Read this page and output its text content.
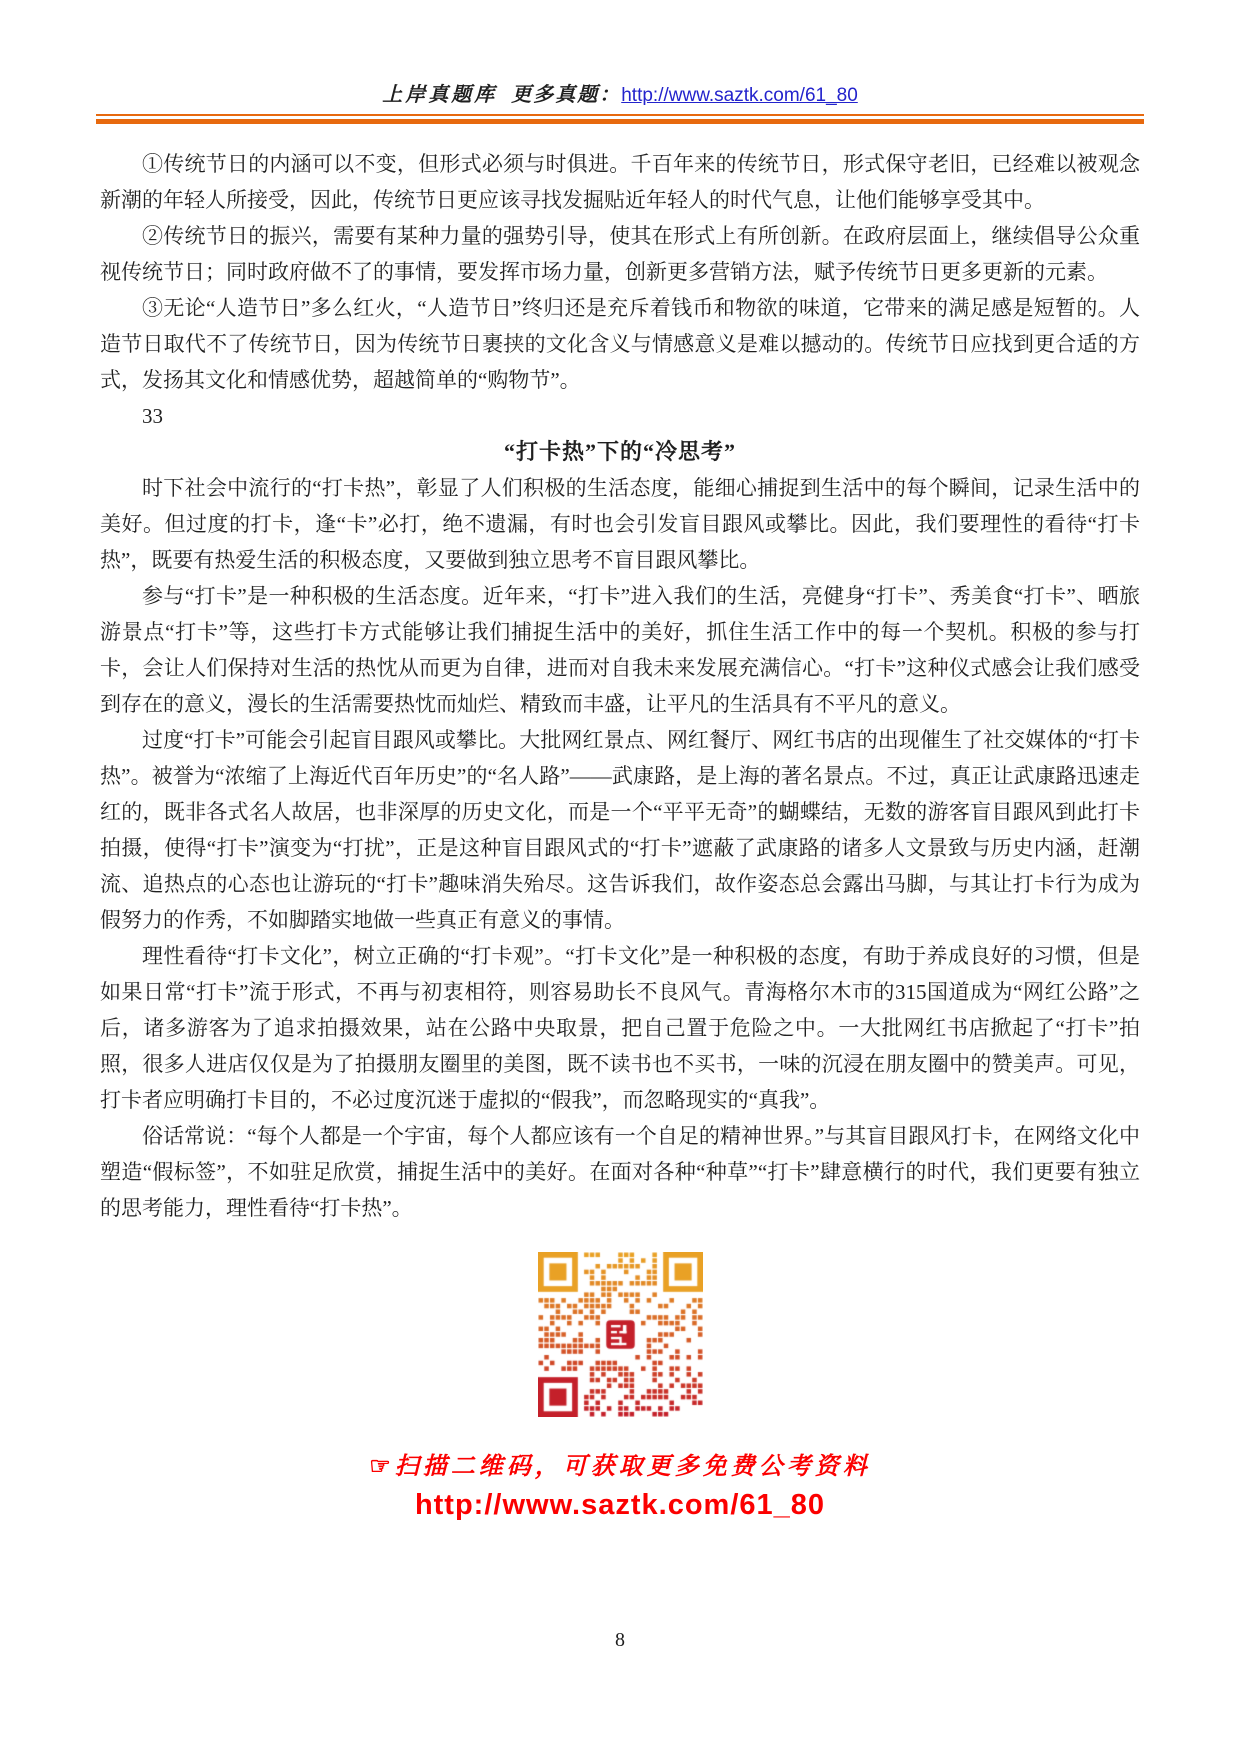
上岸真题库 更多真题：http://www.saztk.com/61_80
①传统节日的内涵可以不变，但形式必须与时俱进。千百年来的传统节日，形式保守老旧，已经难以被观念新潮的年轻人所接受，因此，传统节日更应该寻找发掘贴近年轻人的时代气息，让他们能够享受其中。
②传统节日的振兴，需要有某种力量的强势引导，使其在形式上有所创新。在政府层面上，继续倡导公众重视传统节日；同时政府做不了的事情，要发挥市场力量，创新更多营销方法，赋予传统节日更多更新的元素。
③无论“人造节日”多么红火，“人造节日”终归还是充斥着钱币和物欲的味道，它带来的满足感是短暂的。人造节日取代不了传统节日，因为传统节日裹挟的文化含义与情感意义是难以撼动的。传统节日应找到更合适的方式，发扬其文化和情感优势，超越简单的“购物节”。
33
“打卡热”下的“冷思考”
时下社会中流行的“打卡热”，彰显了人们积极的生活态度，能细心捕捉到生活中的每个瞬间，记录生活中的美好。但过度的打卡，逢“卡”必打，绝不遗漏，有时也会引发盲目跟风或攀比。因此，我们要理性的看待“打卡热”，既要有热爱生活的积极态度，又要做到独立思考不盲目跟风攀比。
参与“打卡”是一种积极的生活态度。近年来，“打卡”进入我们的生活，亮健身“打卡”、秀美食“打卡”、晒旅游景点“打卡”等，这些打卡方式能够让我们捕捉生活中的美好，抓住生活工作中的每一个契机。积极的参与打卡，会让人们保持对生活的热忱从而更为自律，进而对自我未来发展充满信心。“打卡”这种仪式感会让我们感受到存在的意义，漫长的生活需要热忱而灿烂、精致而丰盛，让平凡的生活具有不平凡的意义。
过度“打卡”可能会引起盲目跟风或攀比。大批网红景点、网红餐厅、网红书店的出现催生了社交媒体的“打卡热”。被誉为“浓缩了上海近代百年历史”的“名人路”——武康路，是上海的著名景点。不过，真正让武康路迅速走红的，既非各式名人故居，也非深厚的历史文化，而是一个“平平无奇”的蝴蝶结，无数的游客盲目跟风到此打卡拍摄，使得“打卡”演变为“打扰”，正是这种盲目跟风式的“打卡”遮蔽了武康路的诸多人文景致与历史内涵，赶潮流、追热点的心态也让游玩的“打卡”趣味消失殆尽。这告诉我们，故作姿态总会露出马脚，与其让打卡行为成为假努力的作秀，不如脚踏实地做一些真正有意义的事情。
理性看待“打卡文化”，树立正确的“打卡观”。“打卡文化”是一种积极的态度，有助于养成良好的习惯，但是如果日常“打卡”流于形式，不再与初衷相符，则容易助长不良风气。青海格尔木市的315国道成为“网红公路”之后，诸多游客为了追求拍摄效果，站在公路中央取景，把自己置于危险之中。一大批网红书店掀起了“打卡”拍照，很多人进店仅仅是为了拍摄朋友圈里的美图，既不读书也不买书，一味的沉浸在朋友圈中的赞美声。可见，打卡者应明确打卡目的，不必过度沉迷于虚拟的“假我”，而忽略现实的“真我”。
俗话常说：“每个人都是一个宇宙，每个人都应该有一个自足的精神世界。”与其盲目跟风打卡，在网络文化中塑造“假标签”，不如驻足欣赏，捕捉生活中的美好。在面对各种“种草”“打卡”肆意横行的时代，我们更要有独立的思考能力，理性看待“打卡热”。
☞ 扫描二维码，可获取更多免费公考资料
http://www.saztk.com/61_80
8
